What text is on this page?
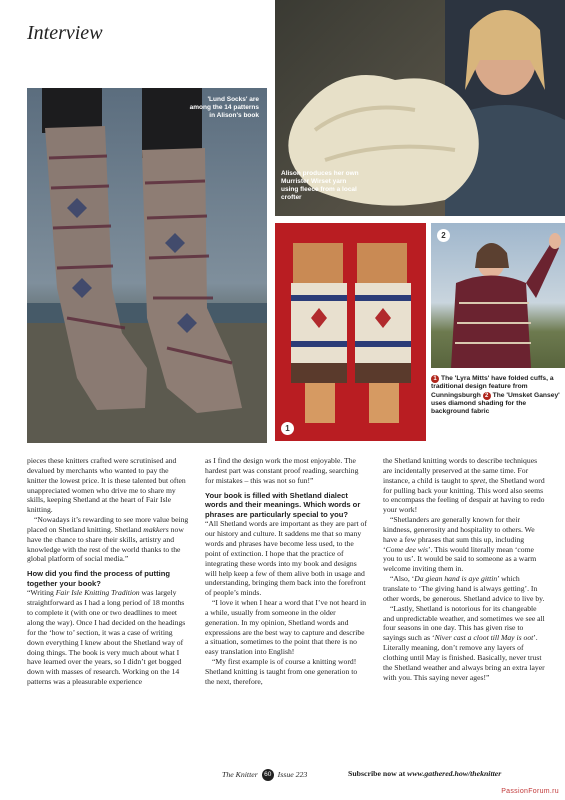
Interview
'Lund Socks' are among the 14 patterns in Alison's book
Alison produces her own Murrister Wirset yarn using fleece from a local crofter
1
2
1 The 'Lyra Mitts' have folded cuffs, a traditional design feature from Cunningsburgh 2 The 'Umsket Gansey' uses diamond shading for the background fabric

pieces these knitters crafted were scrutinised and devalued by merchants who wanted to pay the knitter the lowest price. It is these talented but often unappreciated women who drive me to share my skills, keeping Shetland at the heart of Fair Isle knitting.

“Nowadays it’s rewarding to see more value being placed on Shetland knitting. Shetland makkers now have the chance to share their skills, artistry and knowledge with the rest of the world thanks to the global platform of social media.”

How did you find the process of putting together your book?

“Writing Fair Isle Knitting Tradition was largely straightforward as I had a long period of 18 months to complete it (with one or two deadlines to meet along the way). Once I had decided on the headings for the ‘how to’ section, it was a case of writing down everything I knew about the Shetland way of doing things. The book is very much about what I have learned over the years, so I didn’t get bogged down with masses of research. Working on the 14 patterns was a pleasurable experience

as I find the design work the most enjoyable. The hardest part was constant proof reading, searching for mistakes – this was not so fun!”

Your book is filled with Shetland dialect words and their meanings. Which words or phrases are particularly special to you?

“All Shetland words are important as they are part of our history and culture. It saddens me that so many words and phrases have become less used, to the point of extinction. I hope that the practice of integrating these words into my book and designs will help keep a few of them alive both in usage and understanding, bringing them back into the forefront of people’s minds.

“I love it when I hear a word that I’ve not heard in a while, usually from someone in the older generation. In my opinion, Shetland words and expressions are the best way to capture and describe a situation, sometimes to the point that there is no easy translation into English!

“My first example is of course a knitting word! Shetland knitting is taught from one generation to the next, therefore,

the Shetland knitting words to describe techniques are incidentally preserved at the same time. For instance, a child is taught to spret, the Shetland word for pulling back your knitting. This word also seems to encompass the feeling of despair at having to redo your work!

“Shetlanders are generally known for their kindness, generosity and hospitality to others. We have a few phrases that sum this up, including ‘Come dee wis’. This would literally mean ‘come you to us’. It would be said to someone as a warm welcome inviting them in.

“Also, ‘Da giean hand is aye gittin’ which translate to ‘The giving hand is always getting’. In other words, be generous. Shetland advice to live by.

“Lastly, Shetland is notorious for its changeable and unpredictable weather, and sometimes we see all four seasons in one day. This has given rise to sayings such as ‘Niver cast a cloot till May is oot’. Literally meaning, don’t remove any layers of clothing until May is finished. Basically, never trust the Shetland weather and always bring an extra layer with you. This saying never ages!”

The Knitter 60 Issue 223	Subscribe now at www.gathered.how/theknitter
PassionForum.ru
